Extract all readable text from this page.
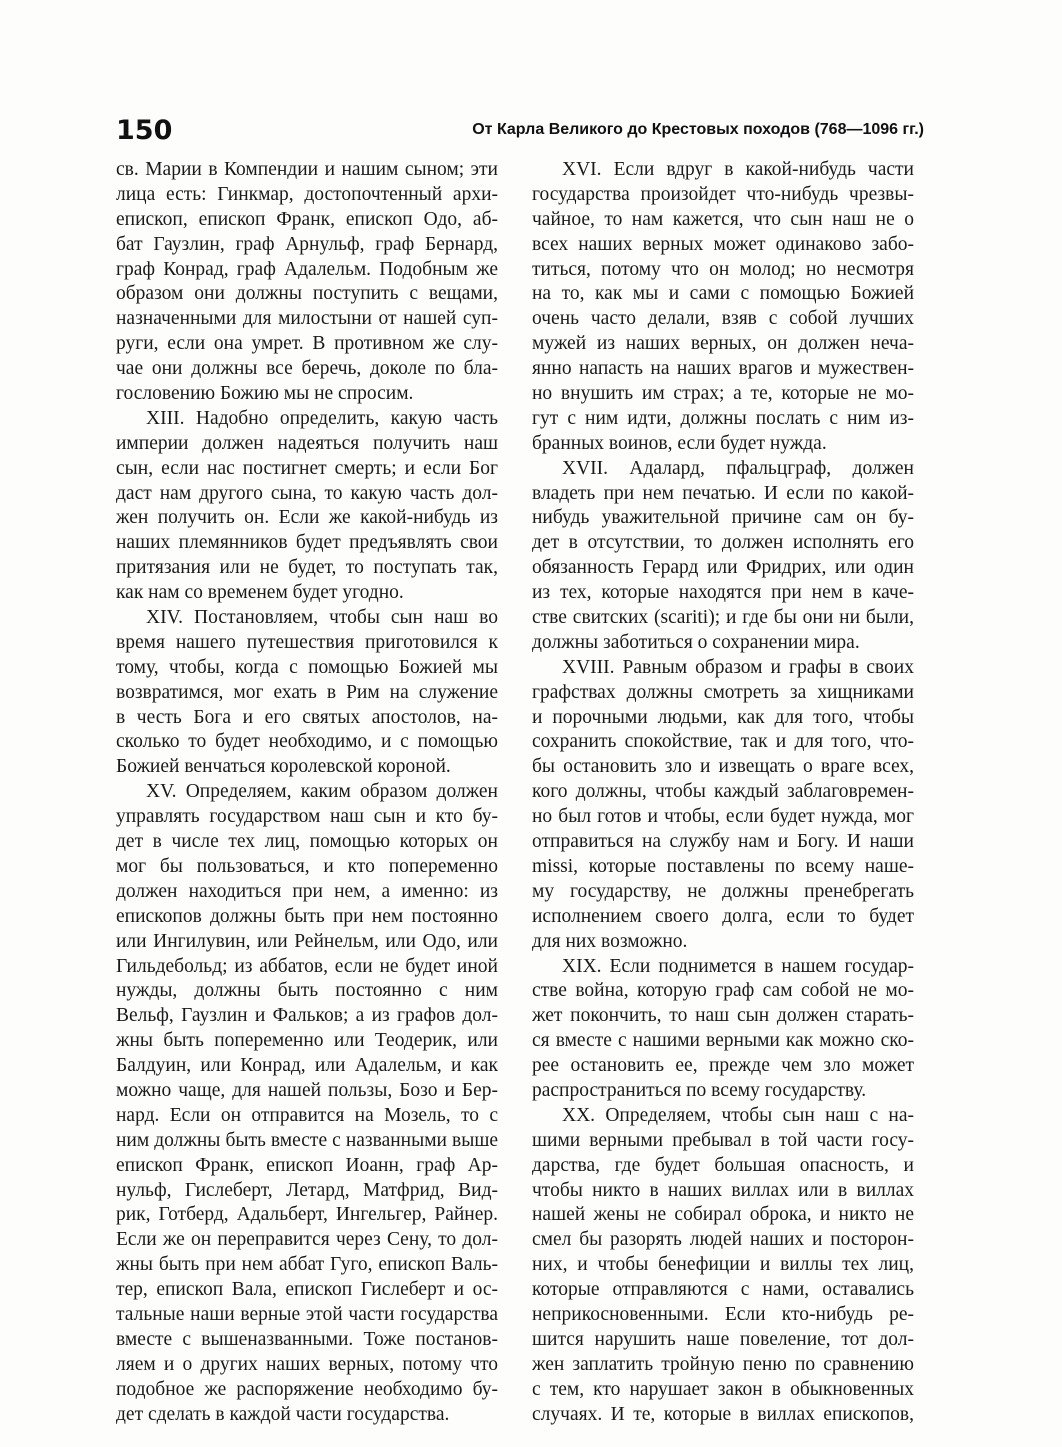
150	От Карла Великого до Крестовых походов (768—1096 гг.)
св. Марии в Компендии и нашим сыном; эти
лица есть: Гинкмар, достопочтенный архи-
епископ, епископ Франк, епископ Одо, аб-
бат Гаузлин, граф Арнульф, граф Бернард,
граф Конрад, граф Адалельм. Подобным же
образом они должны поступить с вещами,
назначенными для милостыни от нашей суп-
руги, если она умрет. В противном же слу-
чае они должны все беречь, доколе по бла-
гословению Божию мы не спросим.
XIII. Надобно определить, какую часть
империи должен надеяться получить наш
сын, если нас постигнет смерть; и если Бог
даст нам другого сына, то какую часть дол-
жен получить он. Если же какой-нибудь из
наших племянников будет предъявлять свои
притязания или не будет, то поступать так,
как нам со временем будет угодно.
XIV. Постановляем, чтобы сын наш во
время нашего путешествия приготовился к
тому, чтобы, когда с помощью Божией мы
возвратимся, мог ехать в Рим на служение
в честь Бога и его святых апостолов, на-
сколько то будет необходимо, и с помощью
Божией венчаться королевской короной.
XV. Определяем, каким образом должен
управлять государством наш сын и кто бу-
дет в числе тех лиц, помощью которых он
мог бы пользоваться, и кто попеременно
должен находиться при нем, а именно: из
епископов должны быть при нем постоянно
или Ингилувин, или Рейнельм, или Одо, или
Гильдебольд; из аббатов, если не будет иной
нужды, должны быть постоянно с ним
Вельф, Гаузлин и Фальков; а из графов дол-
жны быть попеременно или Теодерик, или
Балдуин, или Конрад, или Адалельм, и как
можно чаще, для нашей пользы, Бозо и Бер-
нард. Если он отправится на Мозель, то с
ним должны быть вместе с названными выше
епископ Франк, епископ Иоанн, граф Ар-
нульф, Гислеберт, Летард, Матфрид, Вид-
рик, Готберд, Адальберт, Ингельгер, Райнер.
Если же он переправится через Сену, то дол-
жны быть при нем аббат Гуго, епископ Валь-
тер, епископ Вала, епископ Гислеберт и ос-
тальные наши верные этой части государства
вместе с вышеназванными. Тоже постанов-
ляем и о других наших верных, потому что
подобное же распоряжение необходимо бу-
дет сделать в каждой части государства.
XVI. Если вдруг в какой-нибудь части
государства произойдет что-нибудь чрезвы-
чайное, то нам кажется, что сын наш не о
всех наших верных может одинаково забо-
титься, потому что он молод; но несмотря
на то, как мы и сами с помощью Божией
очень часто делали, взяв с собой лучших
мужей из наших верных, он должен неча-
янно напасть на наших врагов и мужествен-
но внушить им страх; а те, которые не мо-
гут с ним идти, должны послать с ним из-
бранных воинов, если будет нужда.
XVII. Адалард, пфальцграф, должен
владеть при нем печатью. И если по какой-
нибудь уважительной причине сам он бу-
дет в отсутствии, то должен исполнять его
обязанность Герард или Фридрих, или один
из тех, которые находятся при нем в каче-
стве свитских (scariti); и где бы они ни были,
должны заботиться о сохранении мира.
XVIII. Равным образом и графы в своих
графствах должны смотреть за хищниками
и порочными людьми, как для того, чтобы
сохранить спокойствие, так и для того, что-
бы остановить зло и извещать о враге всех,
кого должны, чтобы каждый заблаговремен-
но был готов и чтобы, если будет нужда, мог
отправиться на службу нам и Богу. И наши
missi, которые поставлены по всему наше-
му государству, не должны пренебрегать
исполнением своего долга, если то будет
для них возможно.
XIX. Если поднимется в нашем государ-
стве война, которую граф сам собой не мо-
жет покончить, то наш сын должен старать-
ся вместе с нашими верными как можно ско-
рее остановить ее, прежде чем зло может
распространиться по всему государству.
XX. Определяем, чтобы сын наш с на-
шими верными пребывал в той части госу-
дарства, где будет большая опасность, и
чтобы никто в наших виллах или в виллах
нашей жены не собирал оброка, и никто не
смел бы разорять людей наших и посторон-
них, и чтобы бенефиции и виллы тех лиц,
которые отправляются с нами, оставались
неприкосновенными. Если кто-нибудь ре-
шится нарушить наше повеление, тот дол-
жен заплатить тройную пеню по сравнению
с тем, кто нарушает закон в обыкновенных
случаях. И те, которые в виллах епископов,
